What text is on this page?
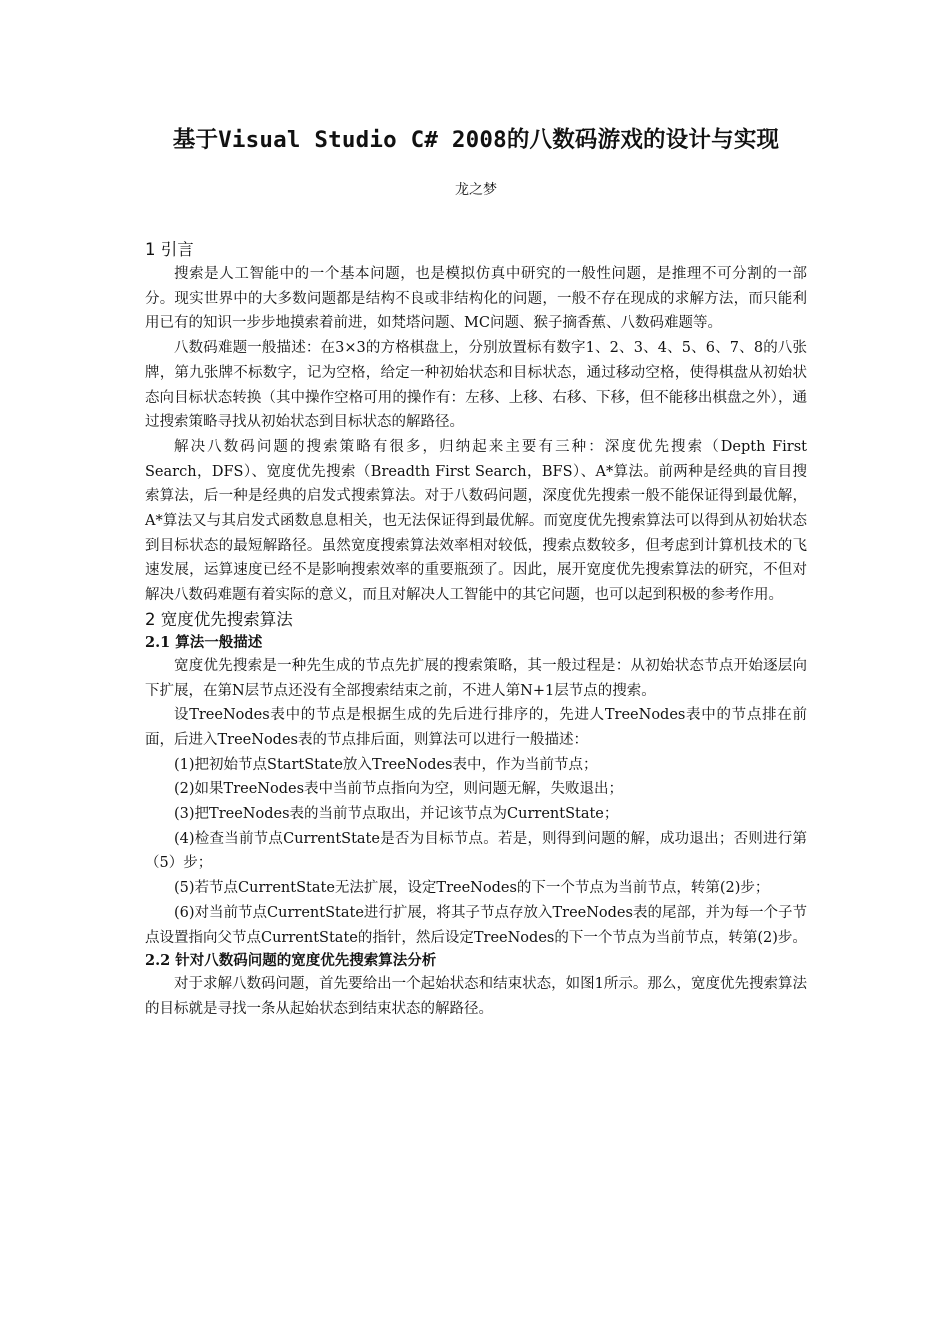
基于Visual Studio C# 2008的八数码游戏的设计与实现
龙之梦
1 引言

搜索是人工智能中的一个基本问题，也是模拟仿真中研究的一般性问题，是推理不可分割的一部分。现实世界中的大多数问题都是结构不良或非结构化的问题，一般不存在现成的求解方法，而只能利用已有的知识一步步地摸索着前进，如梵塔问题、MC问题、猴子摘香蕉、八数码难题等。

八数码难题一般描述：在3×3的方格棋盘上，分别放置标有数字1、2、3、4、5、6、7、8的八张牌，第九张牌不标数字，记为空格，给定一种初始状态和目标状态，通过移动空格，使得棋盘从初始状态向目标状态转换（其中操作空格可用的操作有：左移、上移、右移、下移，但不能移出棋盘之外），通过搜索策略寻找从初始状态到目标状态的解路径。

解决八数码问题的搜索策略有很多，归纳起来主要有三种：深度优先搜索（Depth First Search，DFS）、宽度优先搜索（Breadth First Search，BFS）、A*算法。前两种是经典的盲目搜索算法，后一种是经典的启发式搜索算法。对于八数码问题，深度优先搜索一般不能保证得到最优解，A*算法又与其启发式函数息息相关，也无法保证得到最优解。而宽度优先搜索算法可以得到从初始状态到目标状态的最短解路径。虽然宽度搜索算法效率相对较低，搜索点数较多，但考虑到计算机技术的飞速发展，运算速度已经不是影响搜索效率的重要瓶颈了。因此，展开宽度优先搜索算法的研究，不但对解决八数码难题有着实际的意义，而且对解决人工智能中的其它问题，也可以起到积极的参考作用。

2 宽度优先搜索算法
2.1 算法一般描述

宽度优先搜索是一种先生成的节点先扩展的搜索策略，其一般过程是：从初始状态节点开始逐层向下扩展，在第N层节点还没有全部搜索结束之前，不进人第N+1层节点的搜索。

设TreeNodes表中的节点是根据生成的先后进行排序的，先进人TreeNodes表中的节点排在前面，后进入TreeNodes表的节点排后面，则算法可以进行一般描述：

(1)把初始节点StartState放入TreeNodes表中，作为当前节点；

(2)如果TreeNodes表中当前节点指向为空，则问题无解，失败退出；

(3)把TreeNodes表的当前节点取出，并记该节点为CurrentState；

(4)检查当前节点CurrentState是否为目标节点。若是，则得到问题的解，成功退出；否则进行第（5）步；

(5)若节点CurrentState无法扩展，设定TreeNodes的下一个节点为当前节点，转第(2)步；

(6)对当前节点CurrentState进行扩展，将其子节点存放入TreeNodes表的尾部，并为每一个子节点设置指向父节点CurrentState的指针，然后设定TreeNodes的下一个节点为当前节点，转第(2)步。

2.2 针对八数码问题的宽度优先搜索算法分析

对于求解八数码问题，首先要给出一个起始状态和结束状态，如图1所示。那么，宽度优先搜索算法的目标就是寻找一条从起始状态到结束状态的解路径。
